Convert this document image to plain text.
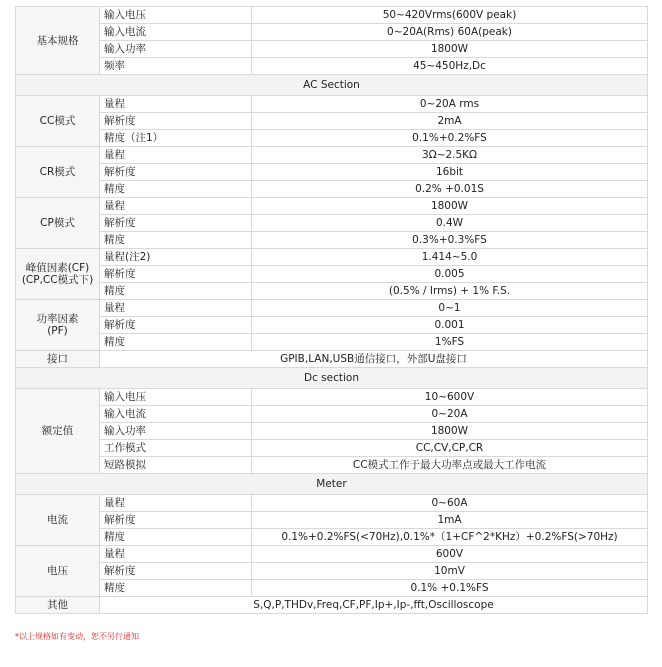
基本规格	输入电压	50~420Vrms(600V peak)
	输入电流	0~20A(Rms) 60A(peak)
	输入功率	1800W
	频率	45~450Hz,Dc
AC Section		
CC模式	量程	0~20A rms
	解析度	2mA
	精度（注1）	0.1%+0.2%FS
CR模式	量程	3Ω~2.5KΩ
	解析度	16bit
	精度	0.2% +0.01S
CP模式	量程	1800W
	解析度	0.4W
	精度	0.3%+0.3%FS
峰值因素(CF)
(CP,CC模式下)	量程(注2)	1.414~5.0
	解析度	0.005
	精度	(0.5% / Irms) + 1% F.S.
功率因素
(PF)	量程	0~1
	解析度	0.001
	精度	1%FS
接口	GPIB,LAN,USB通信接口，外部U盘接口	
Dc section		
额定值	输入电压	10~600V
	输入电流	0~20A
	输入功率	1800W
	工作模式	CC,CV,CP,CR
	短路模拟	CC模式工作于最大功率点或最大工作电流
Meter		
电流	量程	0~60A
	解析度	1mA
	精度	0.1%+0.2%FS(<70Hz),0.1%*（1+CF^2*KHz）+0.2%FS(>70Hz)
电压	量程	600V
	解析度	10mV
	精度	0.1% +0.1%FS
其他	S,Q,P,THDv,Freq,CF,PF,Ip+,Ip-,fft,Oscilloscope	
*以上规格如有变动，恕不另行通知
